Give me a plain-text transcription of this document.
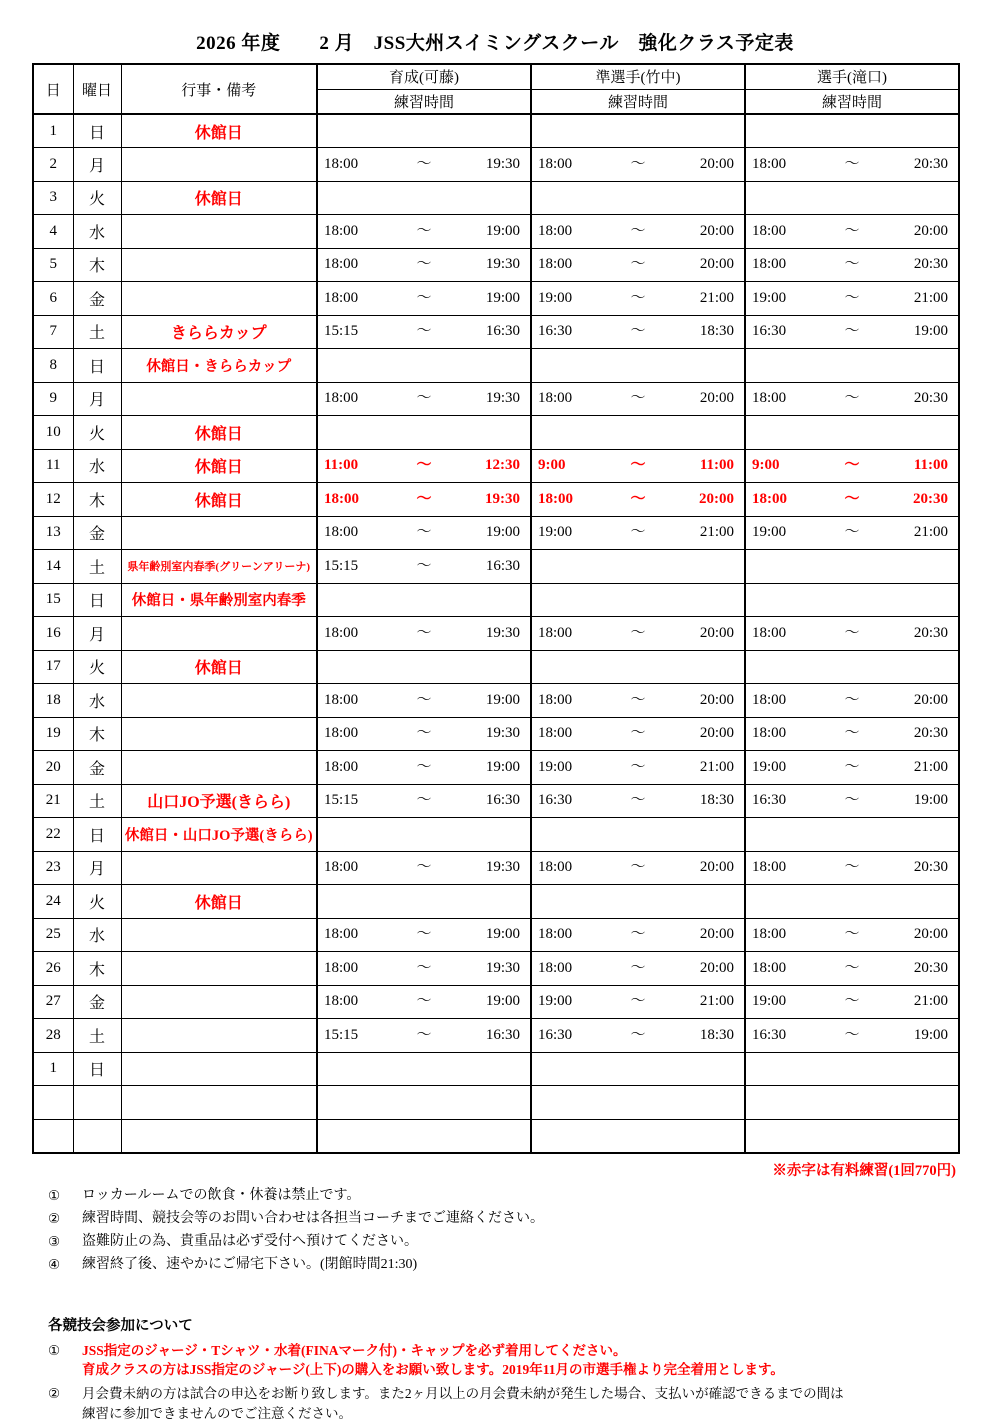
2026 年度　　2 月　JSS大州スイミングスクール　強化クラス予定表
日	曜日	行事・備考	育成(可藤)	準選手(竹中)	選手(滝口)
			練習時間	練習時間	練習時間
1	日	休館日			
2	月		18:00 ～ 19:30	18:00 ～ 20:00	18:00 ～ 20:30

3	火	休館日			
4	水		18:00 ～ 19:00	18:00 ～ 20:00	18:00 ～ 20:00

5	木		18:00 ～ 19:30	18:00 ～ 20:00	18:00 ～ 20:30

6	金		18:00 ～ 19:00	19:00 ～ 21:00	19:00 ～ 21:00

7	土	きららカップ	15:15 ～ 16:30	16:30 ～ 18:30	16:30 ～ 19:00

8	日	休館日・きららカップ			
9	月		18:00 ～ 19:30	18:00 ～ 20:00	18:00 ～ 20:30

10	火	休館日			
11	水	休館日	11:00 ～ 12:30	9:00 ～ 11:00	9:00 ～ 11:00

12	木	休館日	18:00 ～ 19:30	18:00 ～ 20:00	18:00 ～ 20:30

13	金		18:00 ～ 19:00	19:00 ～ 21:00	19:00 ～ 21:00

14	土	県年齢別室内春季(グリーンアリーナ)	15:15 ～ 16:30		

15	日	休館日・県年齢別室内春季			
16	月		18:00 ～ 19:30	18:00 ～ 20:00	18:00 ～ 20:30

17	火	休館日			
18	水		18:00 ～ 19:00	18:00 ～ 20:00	18:00 ～ 20:00

19	木		18:00 ～ 19:30	18:00 ～ 20:00	18:00 ～ 20:30

20	金		18:00 ～ 19:00	19:00 ～ 21:00	19:00 ～ 21:00

21	土	山口JO予選(きらら)	15:15 ～ 16:30	16:30 ～ 18:30	16:30 ～ 19:00

22	日	休館日・山口JO予選(きらら)			
23	月		18:00 ～ 19:30	18:00 ～ 20:00	18:00 ～ 20:30

24	火	休館日			
25	水		18:00 ～ 19:00	18:00 ～ 20:00	18:00 ～ 20:00

26	木		18:00 ～ 19:30	18:00 ～ 20:00	18:00 ～ 20:30

27	金		18:00 ～ 19:00	19:00 ～ 21:00	19:00 ～ 21:00

28	土		15:15 ～ 16:30	16:30 ～ 18:30	16:30 ～ 19:00

1	日				

※赤字は有料練習(1回770円)
①	ロッカールームでの飲食・休養は禁止です。
②	練習時間、競技会等のお問い合わせは各担当コーチまでご連絡ください。
③	盗難防止の為、貴重品は必ず受付へ預けてください。
④	練習終了後、速やかにご帰宅下さい。(閉館時間21:30)
各競技会参加について
①	JSS指定のジャージ・Tシャツ・水着(FINAマーク付)・キャップを必ず着用してください。
育成クラスの方はJSS指定のジャージ(上下)の購入をお願い致します。2019年11月の市選手権より完全着用とします。
②	月会費未納の方は試合の申込をお断り致します。また2ヶ月以上の月会費未納が発生した場合、支払いが確認できるまでの間は
練習に参加できませんのでご注意ください。
